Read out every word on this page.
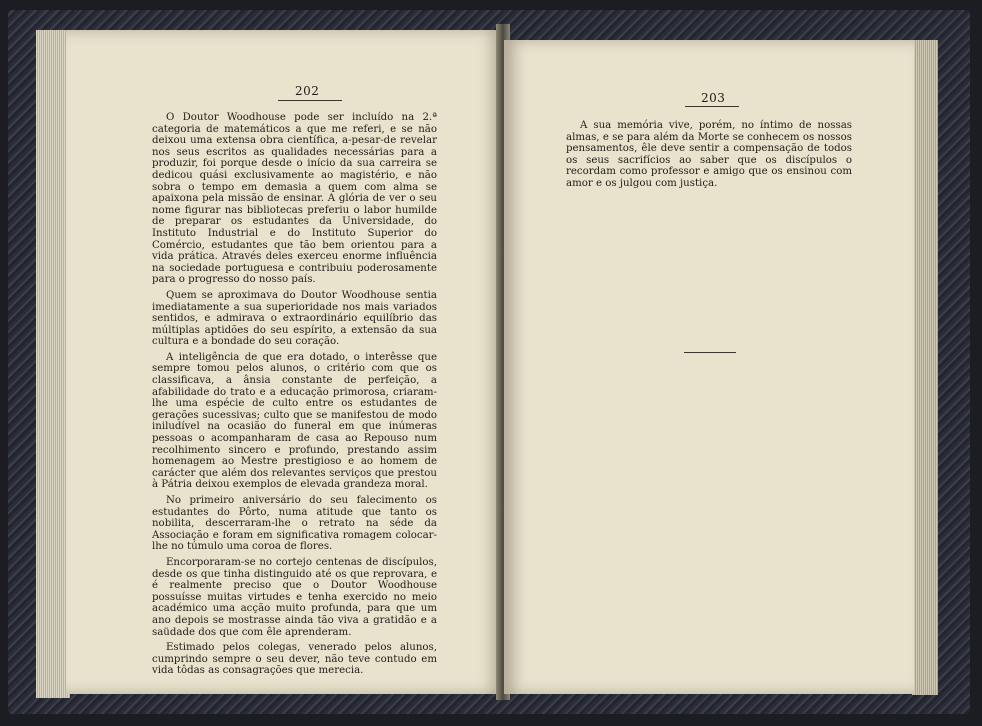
202

O Doutor Woodhouse pode ser incluído na 2.ª categoria de matemáticos a que me referi, e se não deixou uma extensa obra científica, a-pesar-de revelar nos seus escritos as qualidades necessárias para a produzir, foi porque desde o início da sua carreira se dedicou quási exclusivamente ao magistério, e não sobra o tempo em demasia a quem com alma se apaixona pela missão de ensinar. A glória de ver o seu nome figurar nas bibliotecas preferiu o labor humilde de preparar os estudantes da Universidade, do Instituto Industrial e do Instituto Superior do Comércio, estudantes que tão bem orientou para a vida prática. Através deles exerceu enorme influência na sociedade portuguesa e contribuiu poderosamente para o progresso do nosso país.

Quem se aproximava do Doutor Woodhouse sentia imediatamente a sua superioridade nos mais variados sentidos, e admirava o extraordinário equilíbrio das múltiplas aptidões do seu espírito, a extensão da sua cultura e a bondade do seu coração.

A inteligência de que era dotado, o interêsse que sempre tomou pelos alunos, o critério com que os classificava, a ânsia constante de perfeição, a afabilidade do trato e a educação primorosa, criaram-lhe uma espécie de culto entre os estudantes de gerações sucessivas; culto que se manifestou de modo iniludível na ocasião do funeral em que inúmeras pessoas o acompanharam de casa ao Repouso num recolhimento sincero e profundo, prestando assim homenagem ao Mestre prestigioso e ao homem de carácter que além dos relevantes serviços que prestou à Pátria deixou exemplos de elevada grandeza moral.

No primeiro aniversário do seu falecimento os estudantes do Pôrto, numa atitude que tanto os nobilita, descerraram-lhe o retrato na séde da Associação e foram em significativa romagem colocar-lhe no túmulo uma coroa de flores.

Encorporaram-se no cortejo centenas de discípulos, desde os que tinha distinguido até os que reprovara, e é realmente preciso que o Doutor Woodhouse possuísse muitas virtudes e tenha exercido no meio académico uma acção muito profunda, para que um ano depois se mostrasse ainda tão viva a gratidão e a saüdade dos que com êle aprenderam.

Estimado pelos colegas, venerado pelos alunos, cumprindo sempre o seu dever, não teve contudo em vida tôdas as consagrações que merecia.

203

A sua memória vive, porém, no íntimo de nossas almas, e se para além da Morte se conhecem os nossos pensamentos, êle deve sentir a compensação de todos os seus sacrifícios ao saber que os discípulos o recordam como professor e amigo que os ensinou com amor e os julgou com justiça.
